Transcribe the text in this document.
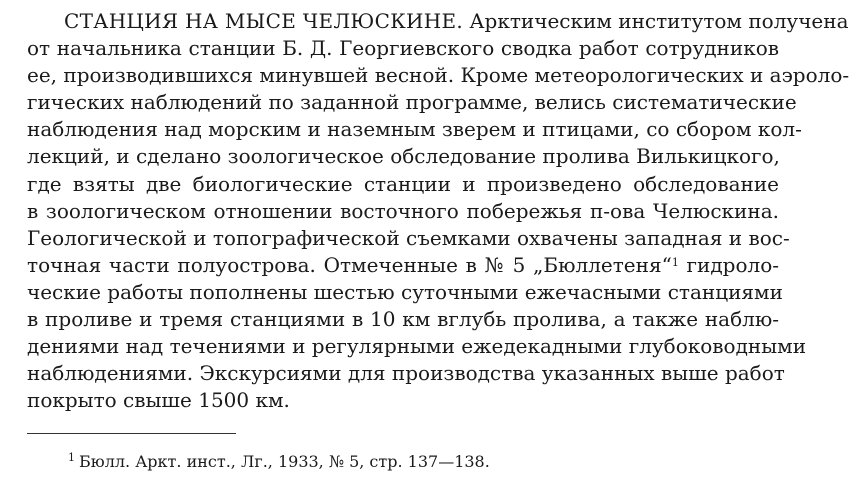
СТАНЦИЯ НА МЫСЕ ЧЕЛЮСКИНЕ. Арктическим институтом получена
от начальника станции Б. Д. Георгиевского сводка работ сотрудников
ее, производившихся минувшей весной. Кроме метеорологических и аэроло-
гических наблюдений по заданной программе, велись систематические
наблюдения над морским и наземным зверем и птицами, со сбором кол-
лекций, и сделано зоологическое обследование пролива Вилькицкого,
где взяты две биологические станции и произведено обследование
в зоологическом отношении восточного побережья п-ова Челюскина.
Геологической и топографической съемками охвачены западная и вос-
точная части полуострова. Отмеченные в № 5 „Бюллетеня“$^1$ гидроло-
ческие работы пополнены шестью суточными ежечасными станциями
в проливе и тремя станциями в 10 км вглубь пролива, а также наблю-
дениями над течениями и регулярными ежедекадными глубоководными
наблюдениями. Экскурсиями для производства указанных выше работ
покрыто свыше 1500 км.
$^1$ Бюлл. Аркт. инст., Лг., 1933, № 5, стр. 137—138.
